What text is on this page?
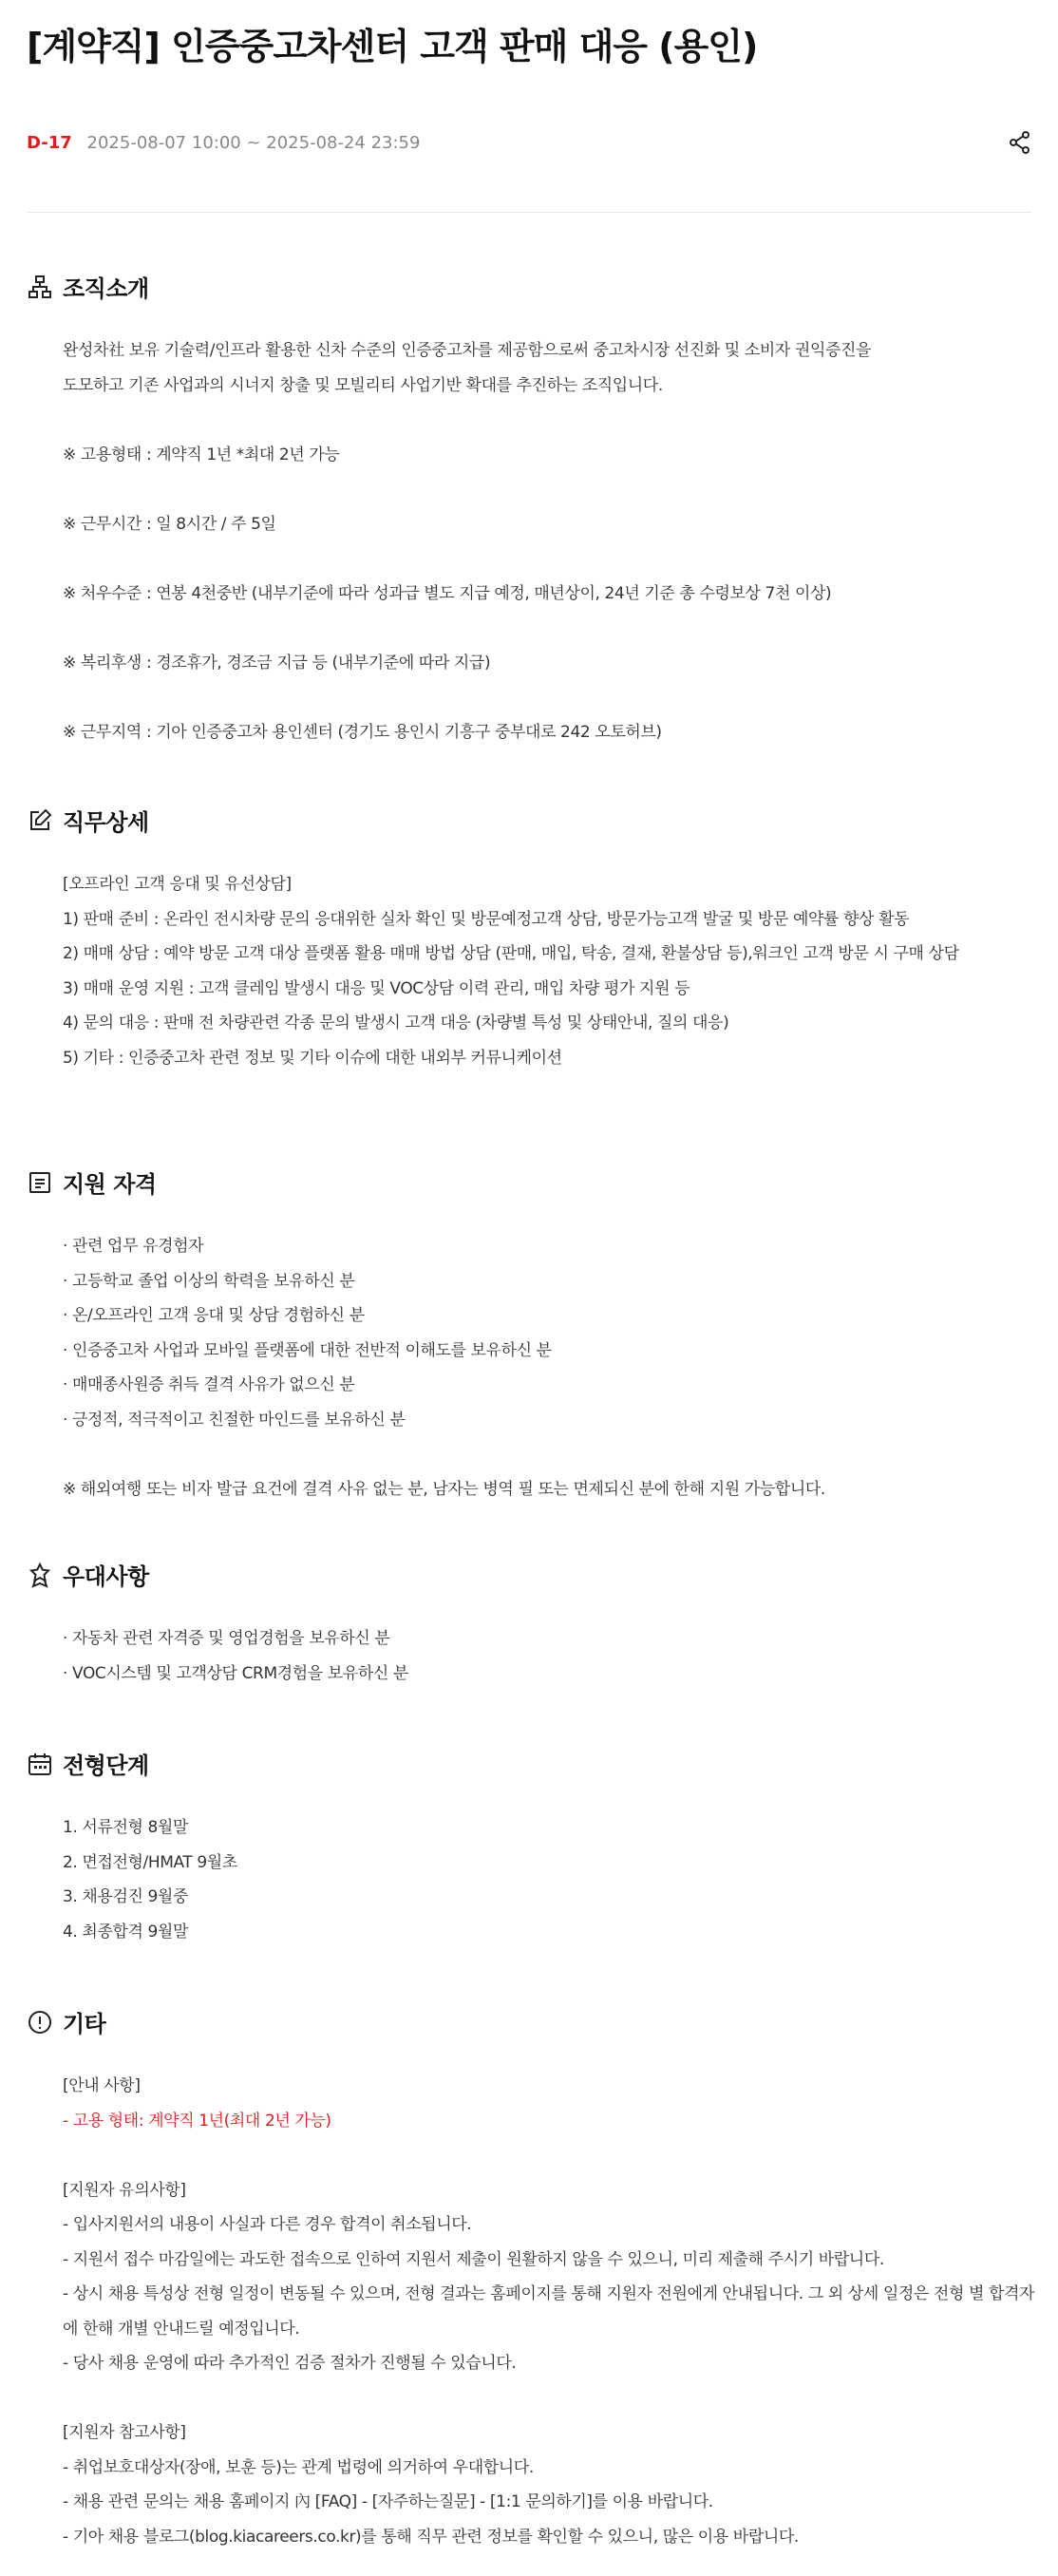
[계약직] 인증중고차센터 고객 판매 대응 (용인)
D-17 2025-08-07 10:00 ~ 2025-08-24 23:59
조직소개

완성차社 보유 기술력/인프라 활용한 신차 수준의 인증중고차를 제공함으로써 중고차시장 선진화 및 소비자 권익증진을

도모하고 기존 사업과의 시너지 창출 및 모빌리티 사업기반 확대를 추진하는 조직입니다.

※ 고용형태 : 계약직 1년 *최대 2년 가능

※ 근무시간 : 일 8시간 / 주 5일

※ 처우수준 : 연봉 4천중반 (내부기준에 따라 성과급 별도 지급 예정, 매년상이, 24년 기준 총 수령보상 7천 이상)

※ 복리후생 : 경조휴가, 경조금 지급 등 (내부기준에 따라 지급)

※ 근무지역 : 기아 인증중고차 용인센터 (경기도 용인시 기흥구 중부대로 242 오토허브)

직무상세

[오프라인 고객 응대 및 유선상담]

1) 판매 준비 : 온라인 전시차량 문의 응대위한 실차 확인 및 방문예정고객 상담, 방문가능고객 발굴 및 방문 예약률 향상 활동

2) 매매 상담 : 예약 방문 고객 대상 플랫폼 활용 매매 방법 상담 (판매, 매입, 탁송, 결재, 환불상담 등),워크인 고객 방문 시 구매 상담

3) 매매 운영 지원 : 고객 클레임 발생시 대응 및 VOC상담 이력 관리, 매입 차량 평가 지원 등

4) 문의 대응 : 판매 전 차량관련 각종 문의 발생시 고객 대응 (차량별 특성 및 상태안내, 질의 대응)

5) 기타 : 인증중고차 관련 정보 및 기타 이슈에 대한 내외부 커뮤니케이션

지원 자격

· 관련 업무 유경험자

· 고등학교 졸업 이상의 학력을 보유하신 분

· 온/오프라인 고객 응대 및 상담 경험하신 분

· 인증중고차 사업과 모바일 플랫폼에 대한 전반적 이해도를 보유하신 분

· 매매종사원증 취득 결격 사유가 없으신 분

· 긍정적, 적극적이고 친절한 마인드를 보유하신 분

※ 해외여행 또는 비자 발급 요건에 결격 사유 없는 분, 남자는 병역 필 또는 면제되신 분에 한해 지원 가능합니다.

우대사항

· 자동차 관련 자격증 및 영업경험을 보유하신 분

· VOC시스템 및 고객상담 CRM경험을 보유하신 분

전형단계

1. 서류전형 8월말

2. 면접전형/HMAT 9월초

3. 채용검진 9월중

4. 최종합격 9월말

기타

[안내 사항]

- 고용 형태: 계약직 1년(최대 2년 가능)

[지원자 유의사항]

- 입사지원서의 내용이 사실과 다른 경우 합격이 취소됩니다.

- 지원서 접수 마감일에는 과도한 접속으로 인하여 지원서 제출이 원활하지 않을 수 있으니, 미리 제출해 주시기 바랍니다.

- 상시 채용 특성상 전형 일정이 변동될 수 있으며, 전형 결과는 홈페이지를 통해 지원자 전원에게 안내됩니다. 그 외 상세 일정은 전형 별 합격자에 한해 개별 안내드릴 예정입니다.

- 당사 채용 운영에 따라 추가적인 검증 절차가 진행될 수 있습니다.

[지원자 참고사항]

- 취업보호대상자(장애, 보훈 등)는 관계 법령에 의거하여 우대합니다.

- 채용 관련 문의는 채용 홈페이지 內 [FAQ] - [자주하는질문] - [1:1 문의하기]를 이용 바랍니다.

- 기아 채용 블로그(blog.kiacareers.co.kr)를 통해 직무 관련 정보를 확인할 수 있으니, 많은 이용 바랍니다.
